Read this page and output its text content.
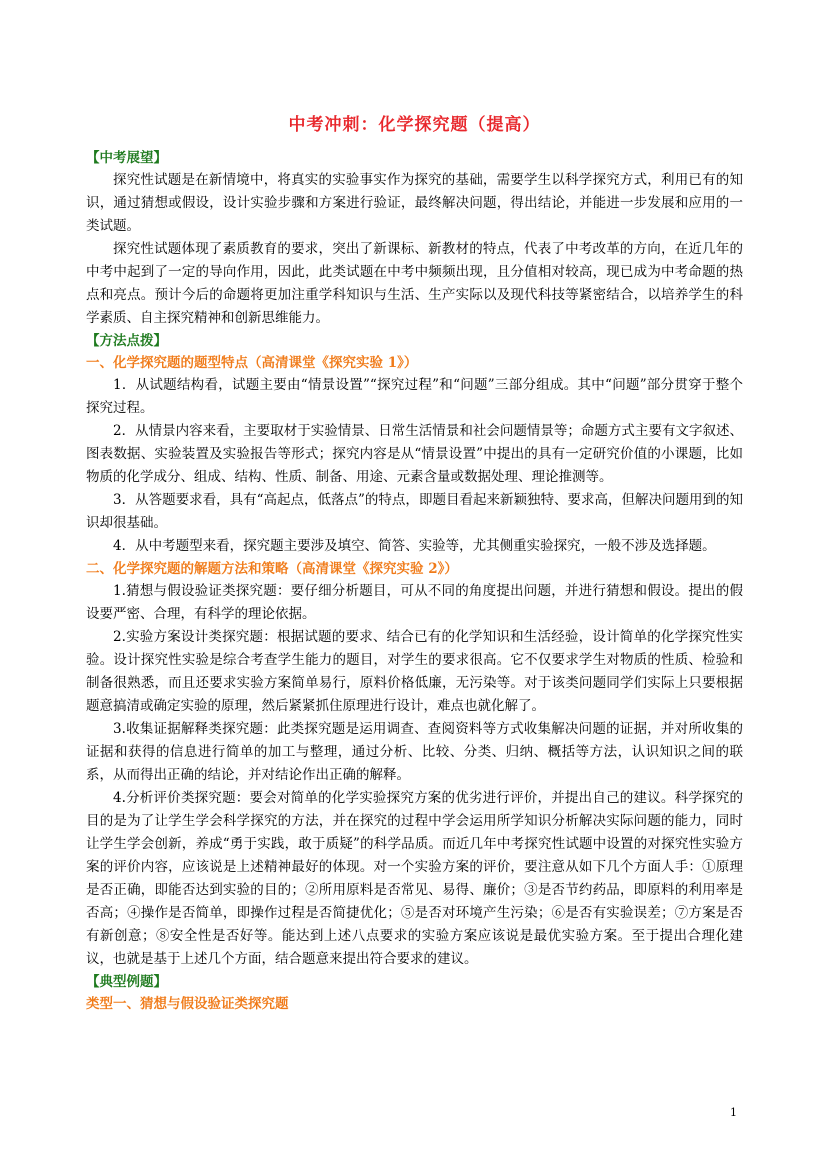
中考冲刺：化学探究题（提高）
【中考展望】

探究性试题是在新情境中，将真实的实验事实作为探究的基础，需要学生以科学探究方式，利用已有的知识，通过猜想或假设，设计实验步骤和方案进行验证，最终解决问题，得出结论，并能进一步发展和应用的一类试题。

探究性试题体现了素质教育的要求，突出了新课标、新教材的特点，代表了中考改革的方向，在近几年的中考中起到了一定的导向作用，因此，此类试题在中考中频频出现，且分值相对较高，现已成为中考命题的热点和亮点。预计今后的命题将更加注重学科知识与生活、生产实际以及现代科技等紧密结合，以培养学生的科学素质、自主探究精神和创新思维能力。

【方法点拨】
一、化学探究题的题型特点（高清课堂《探究实验 1》）

1．从试题结构看，试题主要由“情景设置”“探究过程”和“问题”三部分组成。其中“问题”部分贯穿于整个探究过程。

2．从情景内容来看，主要取材于实验情景、日常生活情景和社会问题情景等；命题方式主要有文字叙述、图表数据、实验装置及实验报告等形式；探究内容是从“情景设置”中提出的具有一定研究价值的小课题，比如物质的化学成分、组成、结构、性质、制备、用途、元素含量或数据处理、理论推测等。

3．从答题要求看，具有“高起点，低落点”的特点，即题目看起来新颖独特、要求高，但解决问题用到的知识却很基础。

4．从中考题型来看，探究题主要涉及填空、简答、实验等，尤其侧重实验探究，一般不涉及选择题。

二、化学探究题的解题方法和策略（高清课堂《探究实验 2》）

1.猜想与假设验证类探究题：要仔细分析题目，可从不同的角度提出问题，并进行猜想和假设。提出的假设要严密、合理，有科学的理论依据。

2.实验方案设计类探究题：根据试题的要求、结合已有的化学知识和生活经验，设计简单的化学探究性实验。设计探究性实验是综合考查学生能力的题目，对学生的要求很高。它不仅要求学生对物质的性质、检验和制备很熟悉，而且还要求实验方案简单易行，原料价格低廉，无污染等。对于该类问题同学们实际上只要根据题意搞清或确定实验的原理，然后紧紧抓住原理进行设计，难点也就化解了。

3.收集证据解释类探究题：此类探究题是运用调查、查阅资料等方式收集解决问题的证据，并对所收集的证据和获得的信息进行简单的加工与整理，通过分析、比较、分类、归纳、概括等方法，认识知识之间的联系，从而得出正确的结论，并对结论作出正确的解释。

4.分析评价类探究题：要会对简单的化学实验探究方案的优劣进行评价，并提出自己的建议。科学探究的目的是为了让学生学会科学探究的方法，并在探究的过程中学会运用所学知识分析解决实际问题的能力，同时让学生学会创新，养成“勇于实践，敢于质疑”的科学品质。而近几年中考探究性试题中设置的对探究性实验方案的评价内容，应该说是上述精神最好的体现。对一个实验方案的评价，要注意从如下几个方面人手：①原理是否正确，即能否达到实验的目的；②所用原料是否常见、易得、廉价；③是否节约药品，即原料的利用率是否高；④操作是否简单，即操作过程是否简捷优化；⑤是否对环境产生污染；⑥是否有实验误差；⑦方案是否有新创意；⑧安全性是否好等。能达到上述八点要求的实验方案应该说是最优实验方案。至于提出合理化建议，也就是基于上述几个方面，结合题意来提出符合要求的建议。

【典型例题】
类型一、猜想与假设验证类探究题
1
